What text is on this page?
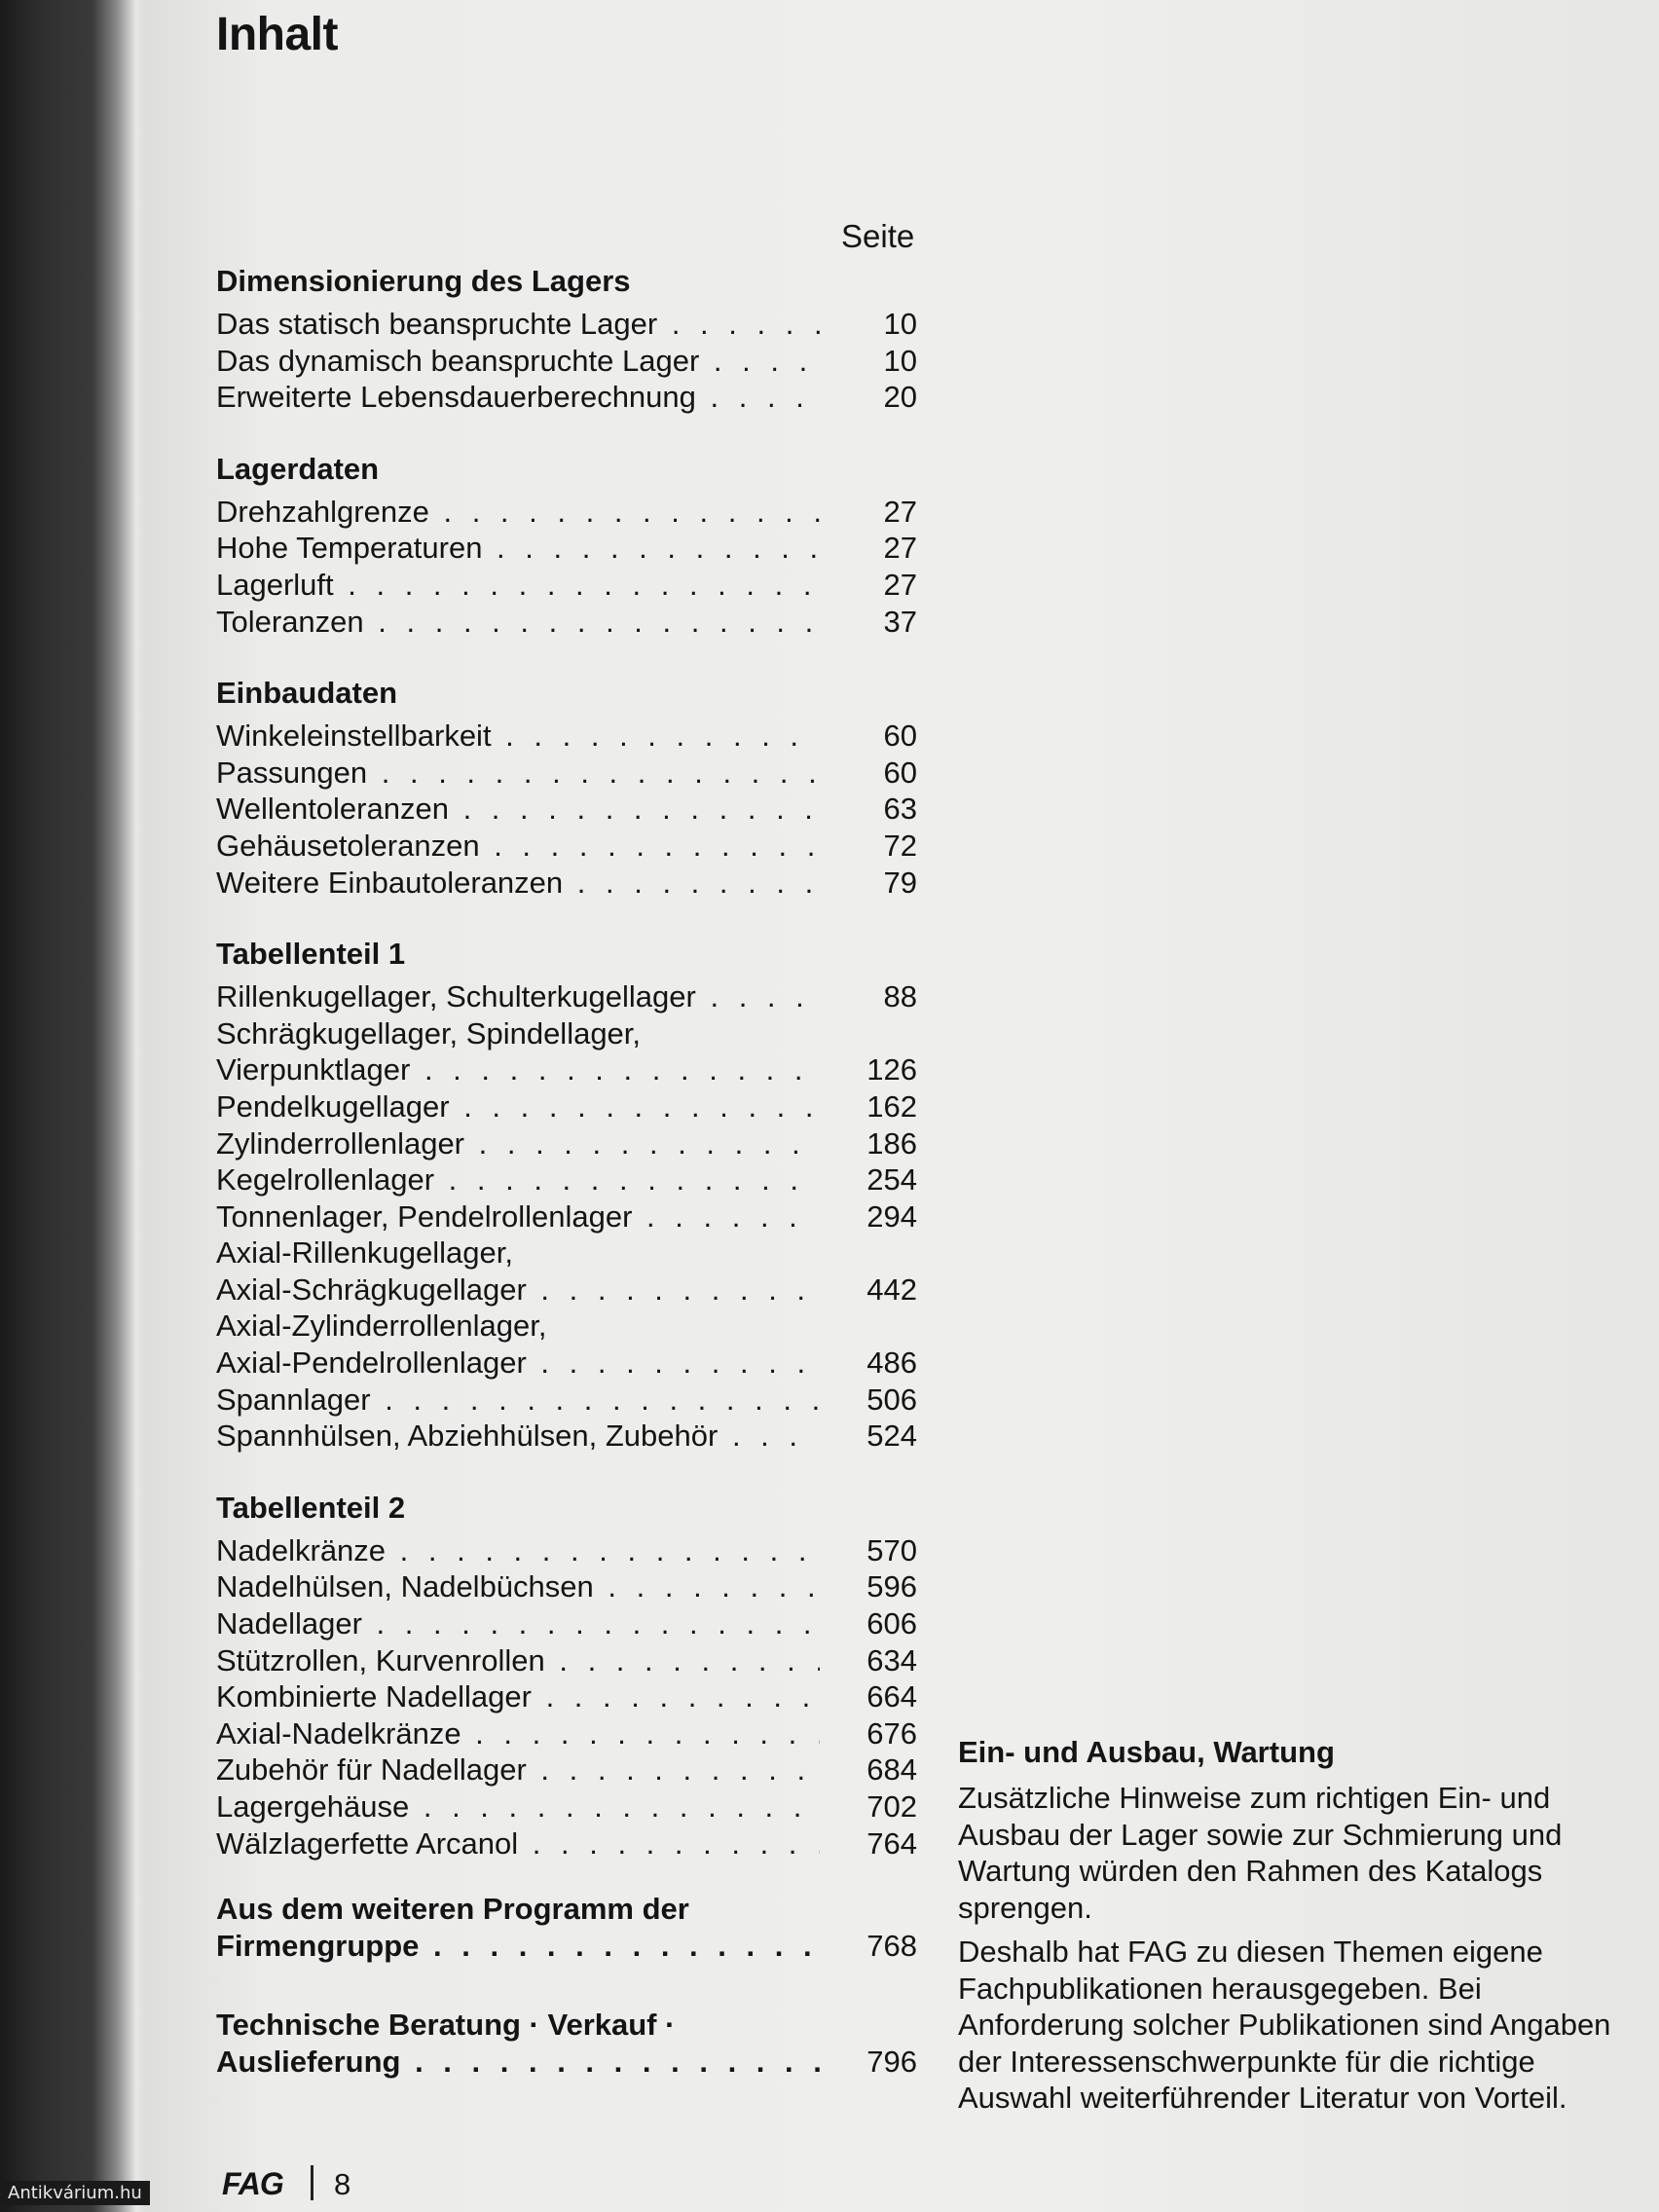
Inhalt
Seite
Dimensionierung des Lagers
Das statisch beanspruchte Lager . . .	10
Das dynamisch beanspruchte Lager . . .	10
Erweiterte Lebensdauerberechnung . . .	20
Lagerdaten
Drehzahlgrenze . . .	27
Hohe Temperaturen . . .	27
Lagerluft . . .	27
Toleranzen . . .	37
Einbaudaten
Winkeleinstellbarkeit . . .	60
Passungen . . .	60
Wellentoleranzen . . .	63
Gehäusetoleranzen . . .	72
Weitere Einbautoleranzen . . .	79
Tabellenteil 1
Rillenkugellager, Schulterkugellager . . .	88
Schrägkugellager, Spindellager,
Vierpunktlager . . .	126
Pendelkugellager . . .	162
Zylinderrollenlager . . .	186
Kegelrollenlager . . .	254
Tonnenlager, Pendelrollenlager . . .	294
Axial-Rillenkugellager,
Axial-Schrägkugellager . . .	442
Axial-Zylinderrollenlager,
Axial-Pendelrollenlager . . .	486
Spannlager . . .	506
Spannhülsen, Abziehhülsen, Zubehör . . .	524
Tabellenteil 2
Nadelkränze . . .	570
Nadelhülsen, Nadelbüchsen . . .	596
Nadellager . . .	606
Stützrollen, Kurvenrollen . . .	634
Kombinierte Nadellager . . .	664
Axial-Nadelkränze . . .	676
Zubehör für Nadellager . . .	684
Lagergehäuse . . .	702
Wälzlagerfette Arcanol . . .	764
Aus dem weiteren Programm der
Firmengruppe . . .	768
Technische Beratung · Verkauf ·
Auslieferung . . .	796
Ein- und Ausbau, Wartung

Zusätzliche Hinweise zum richtigen Ein- und Ausbau der Lager sowie zur Schmierung und Wartung würden den Rahmen des Katalogs sprengen.

Deshalb hat FAG zu diesen Themen eigene Fachpublikationen herausgegeben. Bei Anforderung solcher Publikationen sind Angaben der Interessenschwerpunkte für die richtige Auswahl weiterführender Literatur von Vorteil.

FAG 8
Antikvárium.hu
